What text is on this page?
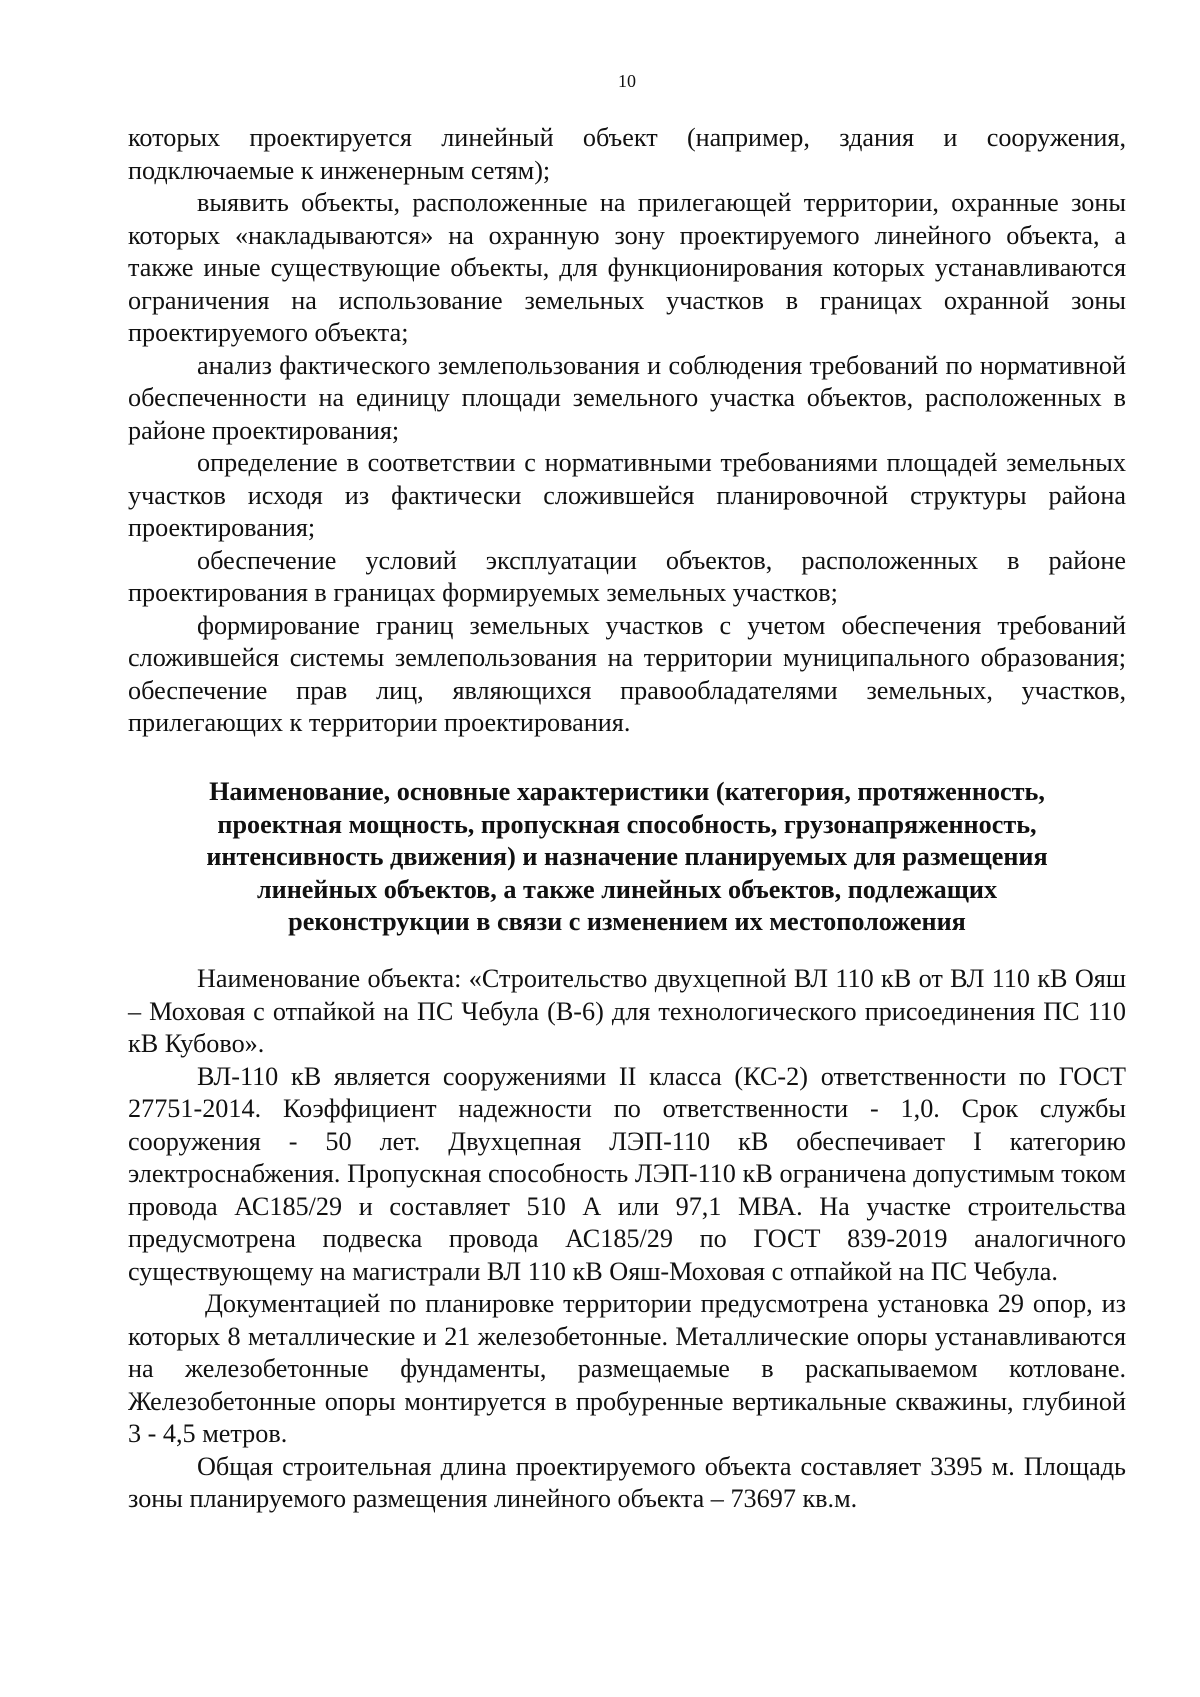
10

которых проектируется линейный объект (например, здания и сооружения, подключаемые к инженерным сетям);

выявить объекты, расположенные на прилегающей территории, охранные зоны которых «накладываются» на охранную зону проектируемого линейного объекта, а также иные существующие объекты, для функционирования которых устанавливаются ограничения на использование земельных участков в границах охранной зоны проектируемого объекта;

анализ фактического землепользования и соблюдения требований по нормативной обеспеченности на единицу площади земельного участка объектов, расположенных в районе проектирования;

определение в соответствии с нормативными требованиями площадей земельных участков исходя из фактически сложившейся планировочной структуры района проектирования;

обеспечение условий эксплуатации объектов, расположенных в районе проектирования в границах формируемых земельных участков;

формирование границ земельных участков с учетом обеспечения требований сложившейся системы землепользования на территории муниципального образования; обеспечение прав лиц, являющихся правообладателями земельных, участков, прилегающих к территории проектирования.

Наименование, основные характеристики (категория, протяженность,
проектная мощность, пропускная способность, грузонапряженность,
интенсивность движения) и назначение планируемых для размещения
линейных объектов, а также линейных объектов, подлежащих
реконструкции в связи с изменением их местоположения

Наименование объекта: «Строительство двухцепной ВЛ 110 кВ от ВЛ 110 кВ Ояш – Моховая с отпайкой на ПС Чебула (В-6) для технологического присоединения ПС 110 кВ Кубово».

ВЛ-110 кВ является сооружениями II класса (КС-2) ответственности по ГОСТ 27751-2014. Коэффициент надежности по ответственности - 1,0. Срок службы сооружения - 50 лет. Двухцепная ЛЭП-110 кВ обеспечивает I категорию электроснабжения. Пропускная способность ЛЭП-110 кВ ограничена допустимым током провода АС185/29 и составляет 510 А или 97,1 МВА. На участке строительства предусмотрена подвеска провода АС185/29 по ГОСТ 839-2019 аналогичного существующему на магистрали ВЛ 110 кВ Ояш-Моховая с отпайкой на ПС Чебула.

Документацией по планировке территории предусмотрена установка 29 опор, из которых 8 металлические и 21 железобетонные. Металлические опоры устанавливаются на железобетонные фундаменты, размещаемые в раскапываемом котловане. Железобетонные опоры монтируется в пробуренные вертикальные скважины, глубиной 3 - 4,5 метров.

Общая строительная длина проектируемого объекта составляет 3395 м. Площадь зоны планируемого размещения линейного объекта – 73697 кв.м.
